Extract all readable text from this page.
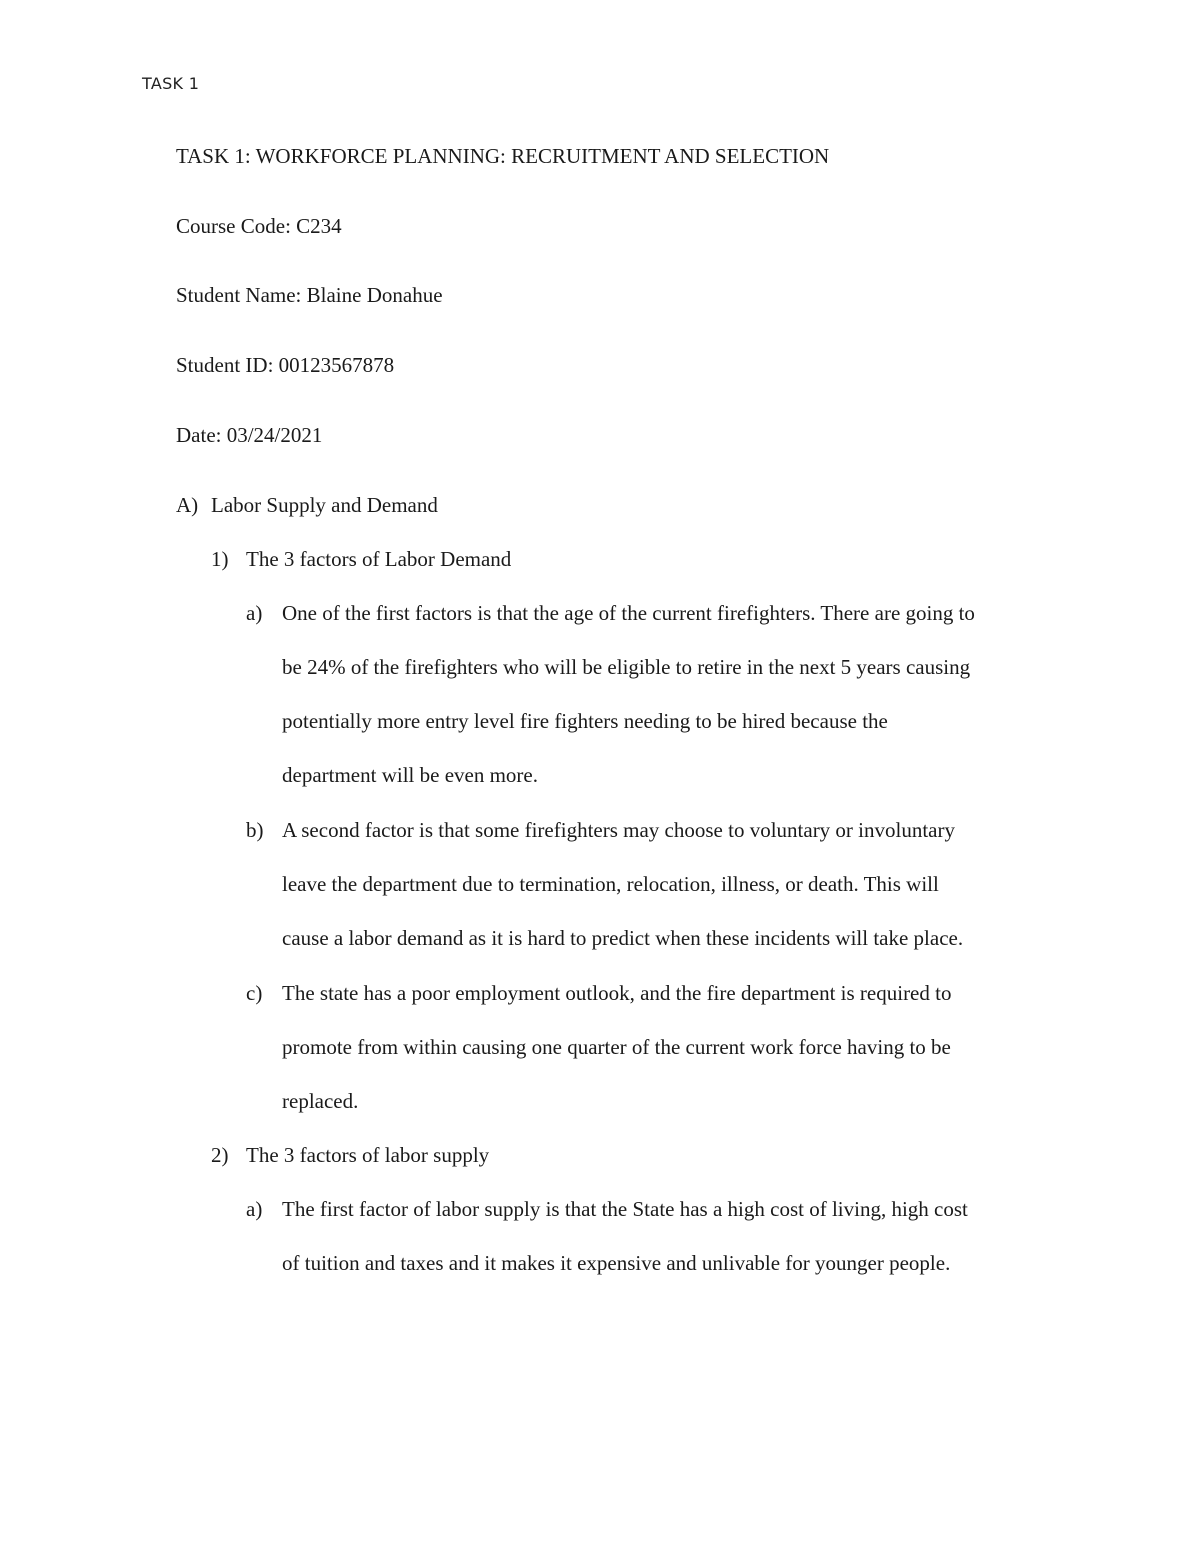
TASK 1
TASK 1: WORKFORCE PLANNING: RECRUITMENT AND SELECTION
Course Code: C234
Student Name: Blaine Donahue
Student ID: 00123567878
Date: 03/24/2021
A) Labor Supply and Demand
1) The 3 factors of Labor Demand
a) One of the first factors is that the age of the current firefighters. There are going to
be 24% of the firefighters who will be eligible to retire in the next 5 years causing
potentially more entry level fire fighters needing to be hired because the
department will be even more.
b) A second factor is that some firefighters may choose to voluntary or involuntary
leave the department due to termination, relocation, illness, or death. This will
cause a labor demand as it is hard to predict when these incidents will take place.
c) The state has a poor employment outlook, and the fire department is required to
promote from within causing one quarter of the current work force having to be
replaced.
2) The 3 factors of labor supply
a) The first factor of labor supply is that the State has a high cost of living, high cost
of tuition and taxes and it makes it expensive and unlivable for younger people.
